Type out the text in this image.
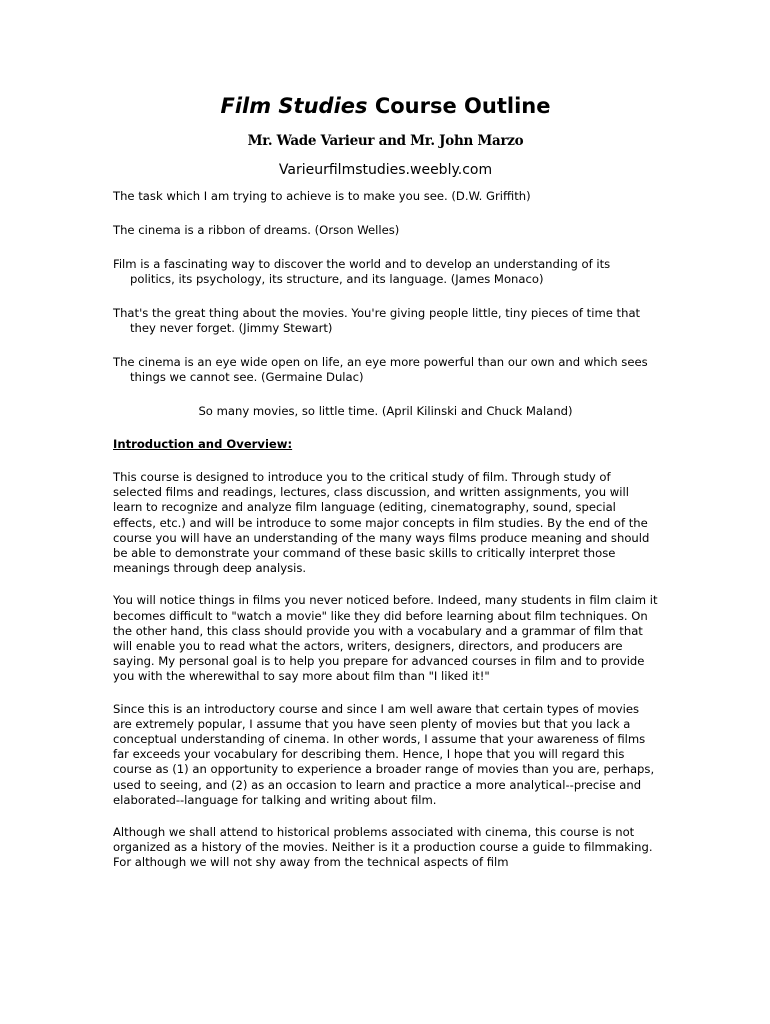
Film Studies Course Outline
Mr. Wade Varieur and Mr. John Marzo
Varieurfilmstudies.weebly.com
The task which I am trying to achieve is to make you see. (D.W. Griffith)
The cinema is a ribbon of dreams. (Orson Welles)
Film is a fascinating way to discover the world and to develop an understanding of its politics, its psychology, its structure, and its language. (James Monaco)
That's the great thing about the movies. You're giving people little, tiny pieces of time that they never forget. (Jimmy Stewart)
The cinema is an eye wide open on life, an eye more powerful than our own and which sees things we cannot see. (Germaine Dulac)
So many movies, so little time. (April Kilinski and Chuck Maland)
Introduction and Overview:
This course is designed to introduce you to the critical study of film. Through study of selected films and readings, lectures, class discussion, and written assignments, you will learn to recognize and analyze film language (editing, cinematography, sound, special effects, etc.) and will be introduce to some major concepts in film studies. By the end of the course you will have an understanding of the many ways films produce meaning and should be able to demonstrate your command of these basic skills to critically interpret those meanings through deep analysis.
You will notice things in films you never noticed before. Indeed, many students in film claim it becomes difficult to "watch a movie" like they did before learning about film techniques. On the other hand, this class should provide you with a vocabulary and a grammar of film that will enable you to read what the actors, writers, designers, directors, and producers are saying. My personal goal is to help you prepare for advanced courses in film and to provide you with the wherewithal to say more about film than "I liked it!"
Since this is an introductory course and since I am well aware that certain types of movies are extremely popular, I assume that you have seen plenty of movies but that you lack a conceptual understanding of cinema. In other words, I assume that your awareness of films far exceeds your vocabulary for describing them. Hence, I hope that you will regard this course as (1) an opportunity to experience a broader range of movies than you are, perhaps, used to seeing, and (2) as an occasion to learn and practice a more analytical--precise and elaborated--language for talking and writing about film.
Although we shall attend to historical problems associated with cinema, this course is not organized as a history of the movies. Neither is it a production course a guide to filmmaking. For although we will not shy away from the technical aspects of film
